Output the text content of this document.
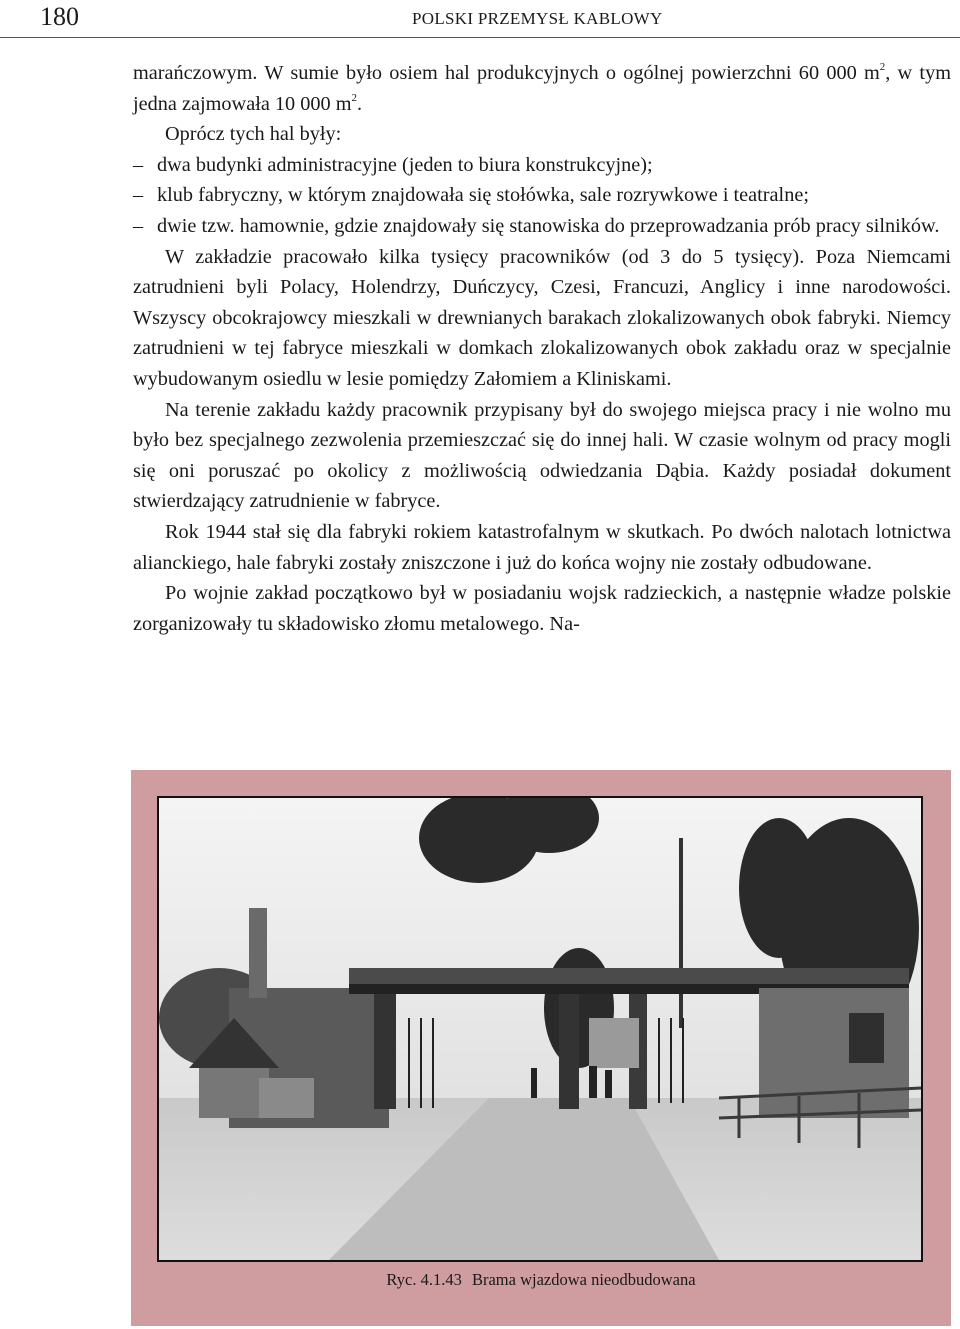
180	POLSKI PRZEMYSŁ KABLOWY

marańczowym. W sumie było osiem hal produkcyjnych o ogólnej powierzchni 60 000 $m^2$, w tym jedna zajmowała 10 000 $m^2$.

Oprócz tych hal były:

– dwa budynki administracyjne (jeden to biura konstrukcyjne);
– klub fabryczny, w którym znajdowała się stołówka, sale rozrywkowe i teatralne;
– dwie tzw. hamownie, gdzie znajdowały się stanowiska do przeprowadzania prób pracy silników.

W zakładzie pracowało kilka tysięcy pracowników (od 3 do 5 tysięcy). Poza Niemcami zatrudnieni byli Polacy, Holendrzy, Duńczycy, Czesi, Francuzi, Anglicy i inne narodowości. Wszyscy obcokrajowcy mieszkali w drewnianych barakach zlokalizowanych obok fabryki. Niemcy zatrudnieni w tej fabryce mieszkali w domkach zlokalizowanych obok zakładu oraz w specjalnie wybudowanym osiedlu w lesie pomiędzy Załomiem a Kliniskami.

Na terenie zakładu każdy pracownik przypisany był do swojego miejsca pracy i nie wolno mu było bez specjalnego zezwolenia przemieszczać się do innej hali. W czasie wolnym od pracy mogli się oni poruszać po okolicy z możliwością odwiedzania Dąbia. Każdy posiadał dokument stwierdzający zatrudnienie w fabryce.

Rok 1944 stał się dla fabryki rokiem katastrofalnym w skutkach. Po dwóch nalotach lotnictwa alianckiego, hale fabryki zostały zniszczone i już do końca wojny nie zostały odbudowane.

Po wojnie zakład początkowo był w posiadaniu wojsk radzieckich, a następnie władze polskie zorganizowały tu składowisko złomu metalowego. Na-

Ryc. 4.1.43 Brama wjazdowa nieodbudowana
